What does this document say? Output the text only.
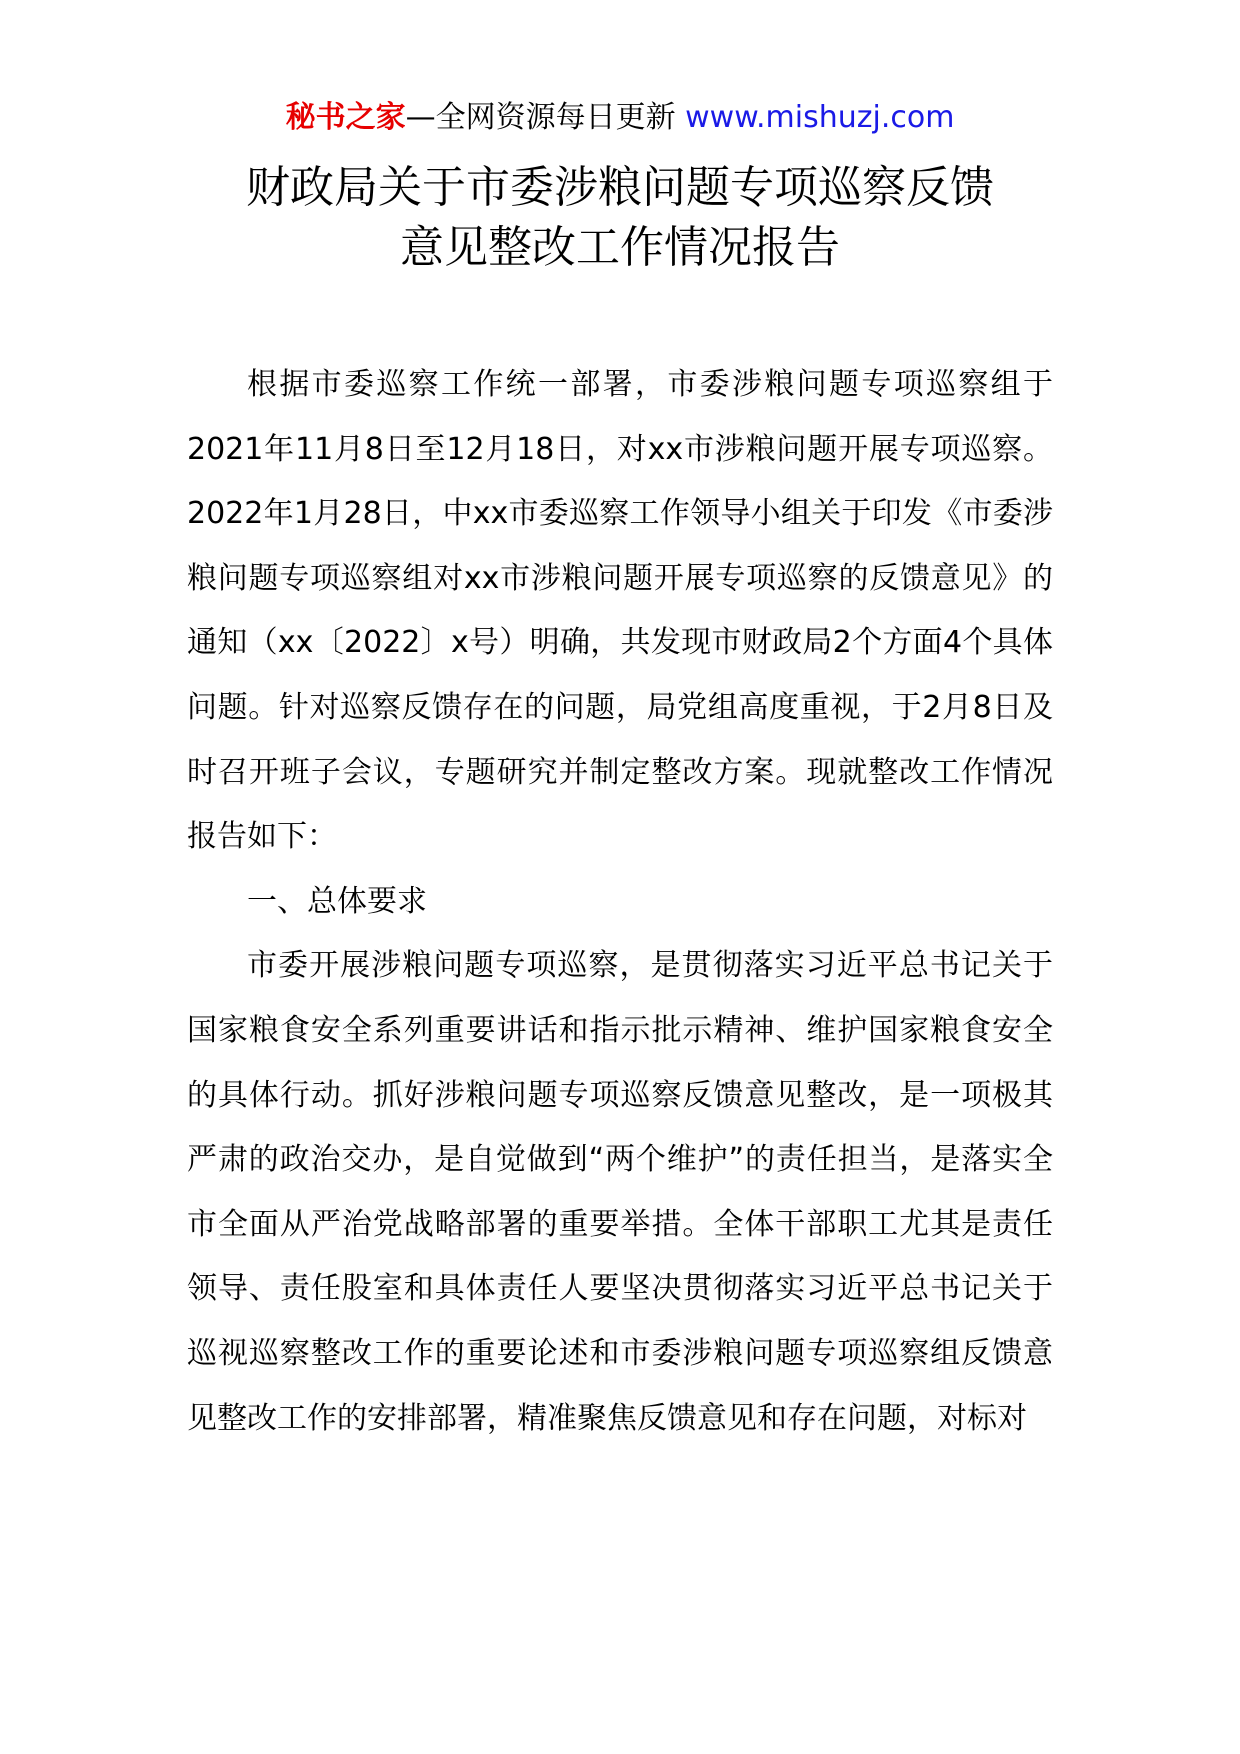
秘书之家—全网资源每日更新 www.mishuzj.com
财政局关于市委涉粮问题专项巡察反馈
意见整改工作情况报告

根据市委巡察工作统一部署，市委涉粮问题专项巡察组于2021年11月8日至12月18日，对xx市涉粮问题开展专项巡察。2022年1月28日，中xx市委巡察工作领导小组关于印发《市委涉粮问题专项巡察组对xx市涉粮问题开展专项巡察的反馈意见》的通知（xx〔2022〕x号）明确，共发现市财政局2个方面4个具体问题。针对巡察反馈存在的问题，局党组高度重视，于2月8日及时召开班子会议，专题研究并制定整改方案。现就整改工作情况报告如下：

一、总体要求

市委开展涉粮问题专项巡察，是贯彻落实习近平总书记关于国家粮食安全系列重要讲话和指示批示精神、维护国家粮食安全的具体行动。抓好涉粮问题专项巡察反馈意见整改，是一项极其严肃的政治交办，是自觉做到“两个维护”的责任担当，是落实全市全面从严治党战略部署的重要举措。全体干部职工尤其是责任领导、责任股室和具体责任人要坚决贯彻落实习近平总书记关于巡视巡察整改工作的重要论述和市委涉粮问题专项巡察组反馈意见整改工作的安排部署，精准聚焦反馈意见和存在问题，对标对
